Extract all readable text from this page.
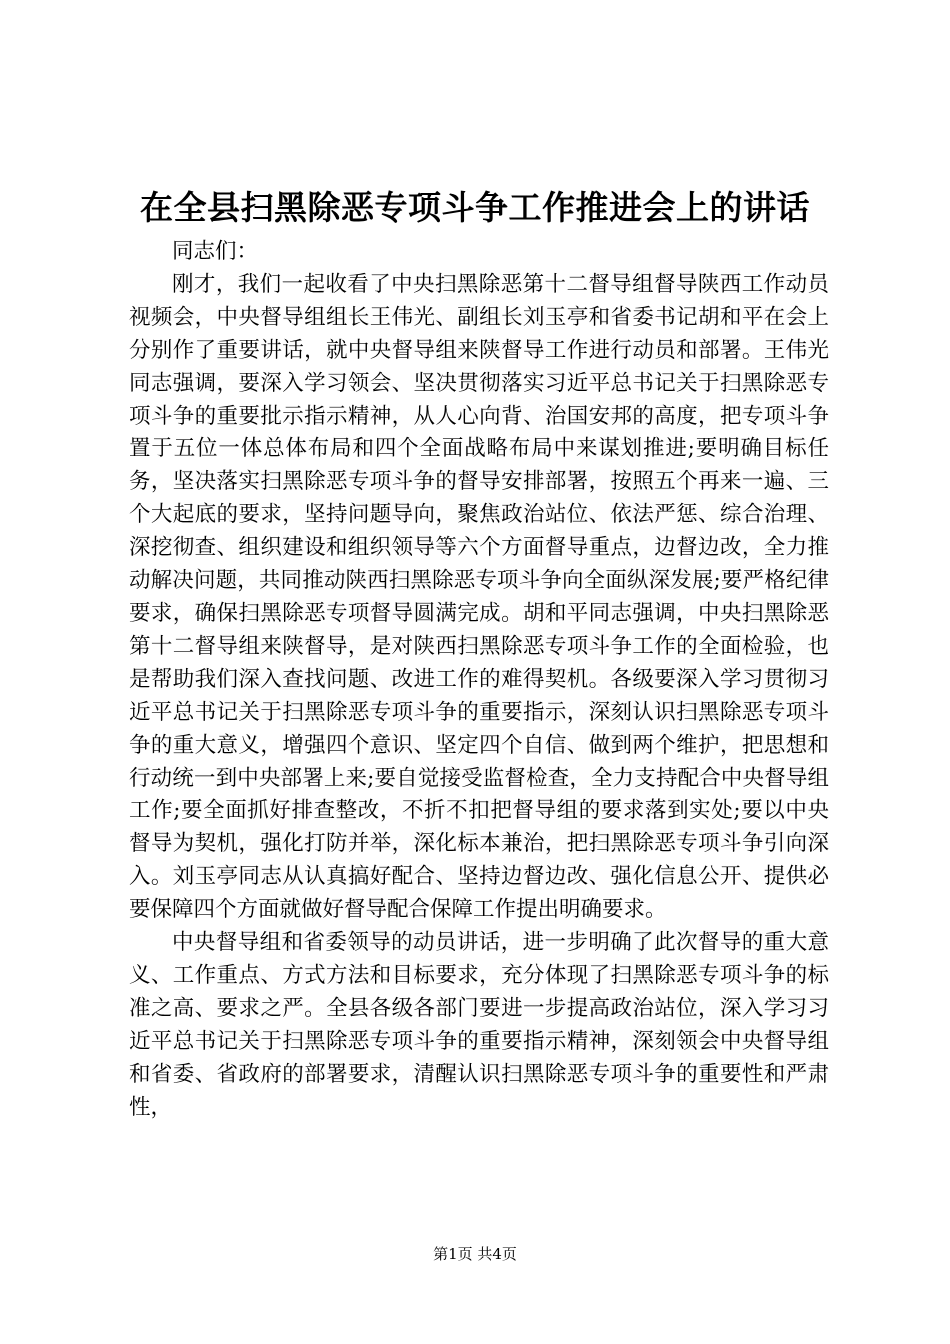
在全县扫黑除恶专项斗争工作推进会上的讲话

同志们：

刚才，我们一起收看了中央扫黑除恶第十二督导组督导陕西工作动员视频会，中央督导组组长王伟光、副组长刘玉亭和省委书记胡和平在会上分别作了重要讲话，就中央督导组来陕督导工作进行动员和部署。王伟光同志强调，要深入学习领会、坚决贯彻落实习近平总书记关于扫黑除恶专项斗争的重要批示指示精神，从人心向背、治国安邦的高度，把专项斗争置于五位一体总体布局和四个全面战略布局中来谋划推进;要明确目标任务，坚决落实扫黑除恶专项斗争的督导安排部署，按照五个再来一遍、三个大起底的要求，坚持问题导向，聚焦政治站位、依法严惩、综合治理、深挖彻查、组织建设和组织领导等六个方面督导重点，边督边改，全力推动解决问题，共同推动陕西扫黑除恶专项斗争向全面纵深发展;要严格纪律要求，确保扫黑除恶专项督导圆满完成。胡和平同志强调，中央扫黑除恶第十二督导组来陕督导，是对陕西扫黑除恶专项斗争工作的全面检验，也是帮助我们深入查找问题、改进工作的难得契机。各级要深入学习贯彻习近平总书记关于扫黑除恶专项斗争的重要指示，深刻认识扫黑除恶专项斗争的重大意义，增强四个意识、坚定四个自信、做到两个维护，把思想和行动统一到中央部署上来;要自觉接受监督检查，全力支持配合中央督导组工作;要全面抓好排查整改，不折不扣把督导组的要求落到实处;要以中央督导为契机，强化打防并举，深化标本兼治，把扫黑除恶专项斗争引向深入。刘玉亭同志从认真搞好配合、坚持边督边改、强化信息公开、提供必要保障四个方面就做好督导配合保障工作提出明确要求。

中央督导组和省委领导的动员讲话，进一步明确了此次督导的重大意义、工作重点、方式方法和目标要求，充分体现了扫黑除恶专项斗争的标准之高、要求之严。全县各级各部门要进一步提高政治站位，深入学习习近平总书记关于扫黑除恶专项斗争的重要指示精神，深刻领会中央督导组和省委、省政府的部署要求，清醒认识扫黑除恶专项斗争的重要性和严肃性，

第1页 共4页
